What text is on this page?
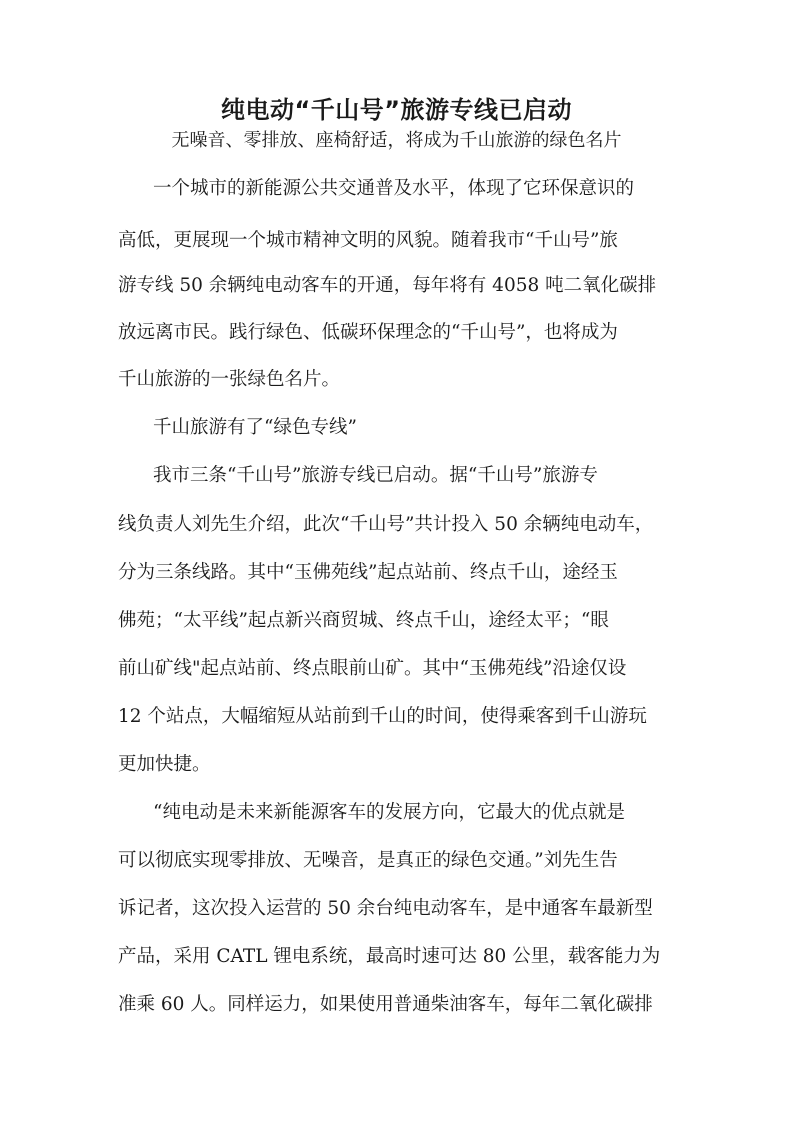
纯电动“千山号”旅游专线已启动
无噪音、零排放、座椅舒适，将成为千山旅游的绿色名片
一个城市的新能源公共交通普及水平，体现了它环保意识的
高低，更展现一个城市精神文明的风貌。随着我市“千山号”旅
游专线 50 余辆纯电动客车的开通，每年将有 4058 吨二氧化碳排
放远离市民。践行绿色、低碳环保理念的“千山号”，也将成为
千山旅游的一张绿色名片。
千山旅游有了“绿色专线”
我市三条“千山号”旅游专线已启动。据“千山号”旅游专
线负责人刘先生介绍，此次“千山号”共计投入 50 余辆纯电动车，
分为三条线路。其中“玉佛苑线”起点站前、终点千山，途经玉
佛苑；“太平线”起点新兴商贸城、终点千山，途经太平；“眼
前山矿线"起点站前、终点眼前山矿。其中“玉佛苑线”沿途仅设
12 个站点，大幅缩短从站前到千山的时间，使得乘客到千山游玩
更加快捷。
“纯电动是未来新能源客车的发展方向，它最大的优点就是
可以彻底实现零排放、无噪音，是真正的绿色交通。”刘先生告
诉记者，这次投入运营的 50 余台纯电动客车，是中通客车最新型
产品，采用 CATL 锂电系统，最高时速可达 80 公里，载客能力为
准乘 60 人。同样运力，如果使用普通柴油客车，每年二氧化碳排
